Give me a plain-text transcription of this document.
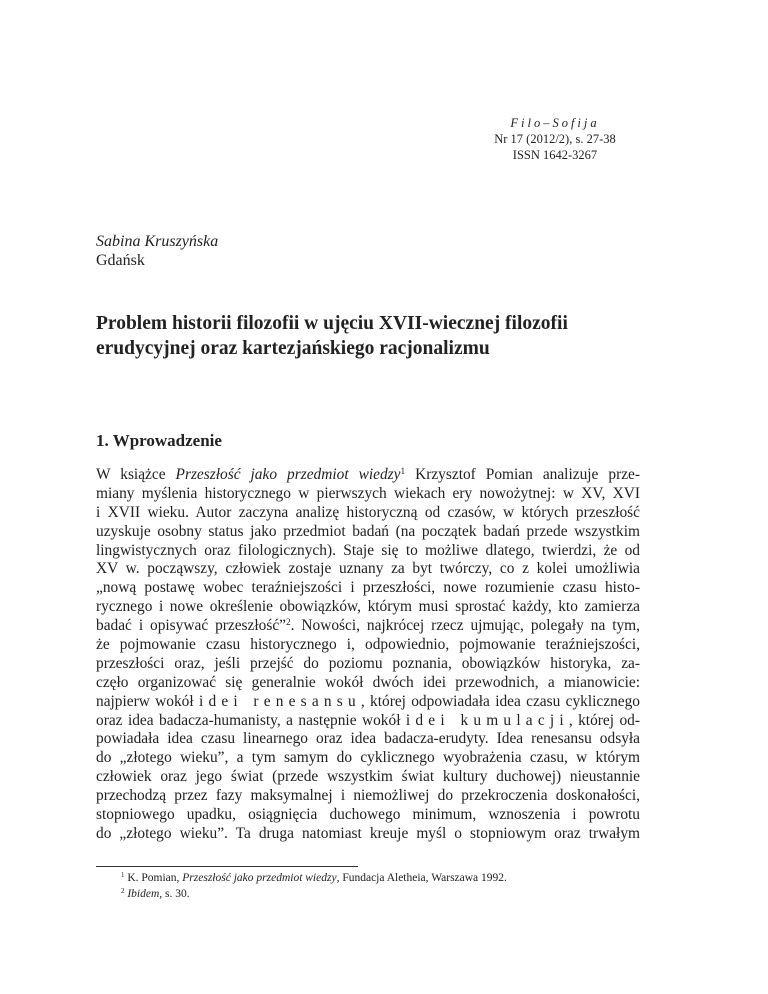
Filo–Sofija
Nr 17 (2012/2), s. 27-38
ISSN 1642-3267
Sabina Kruszyńska
Gdańsk
Problem historii filozofii w ujęciu XVII-wiecznej filozofii
erudycyjnej oraz kartezjańskiego racjonalizmu
1. Wprowadzenie
W książce Przeszłość jako przedmiot wiedzy$^1$ Krzysztof Pomian analizuje prze-
miany myślenia historycznego w pierwszych wiekach ery nowożytnej: w XV, XVI
i XVII wieku. Autor zaczyna analizę historyczną od czasów, w których przeszłość
uzyskuje osobny status jako przedmiot badań (na początek badań przede wszystkim
lingwistycznych oraz filologicznych). Staje się to możliwe dlatego, twierdzi, że od
XV w. począwszy, człowiek zostaje uznany za byt twórczy, co z kolei umożliwia
„nową postawę wobec teraźniejszości i przeszłości, nowe rozumienie czasu histo-
rycznego i nowe określenie obowiązków, którym musi sprostać każdy, kto zamierza
badać i opisywać przeszłość”$^2$. Nowości, najkrócej rzecz ujmując, polegały na tym,
że pojmowanie czasu historycznego i, odpowiednio, pojmowanie teraźniejszości,
przeszłości oraz, jeśli przejść do poziomu poznania, obowiązków historyka, za-
częło organizować się generalnie wokół dwóch idei przewodnich, a mianowicie:
najpierw wokół idei renesansu, której odpowiadała idea czasu cyklicznego
oraz idea badacza-humanisty, a następnie wokół idei kumulacji, której od-
powiadała idea czasu linearnego oraz idea badacza-erudyty. Idea renesansu odsyła
do „złotego wieku”, a tym samym do cyklicznego wyobrażenia czasu, w którym
człowiek oraz jego świat (przede wszystkim świat kultury duchowej) nieustannie
przechodzą przez fazy maksymalnej i niemożliwej do przekroczenia doskonałości,
stopniowego upadku, osiągnięcia duchowego minimum, wznoszenia i powrotu
do „złotego wieku”. Ta druga natomiast kreuje myśl o stopniowym oraz trwałym
$^1$ K. Pomian, Przeszłość jako przedmiot wiedzy, Fundacja Aletheia, Warszawa 1992.
$^2$ Ibidem, s. 30.
